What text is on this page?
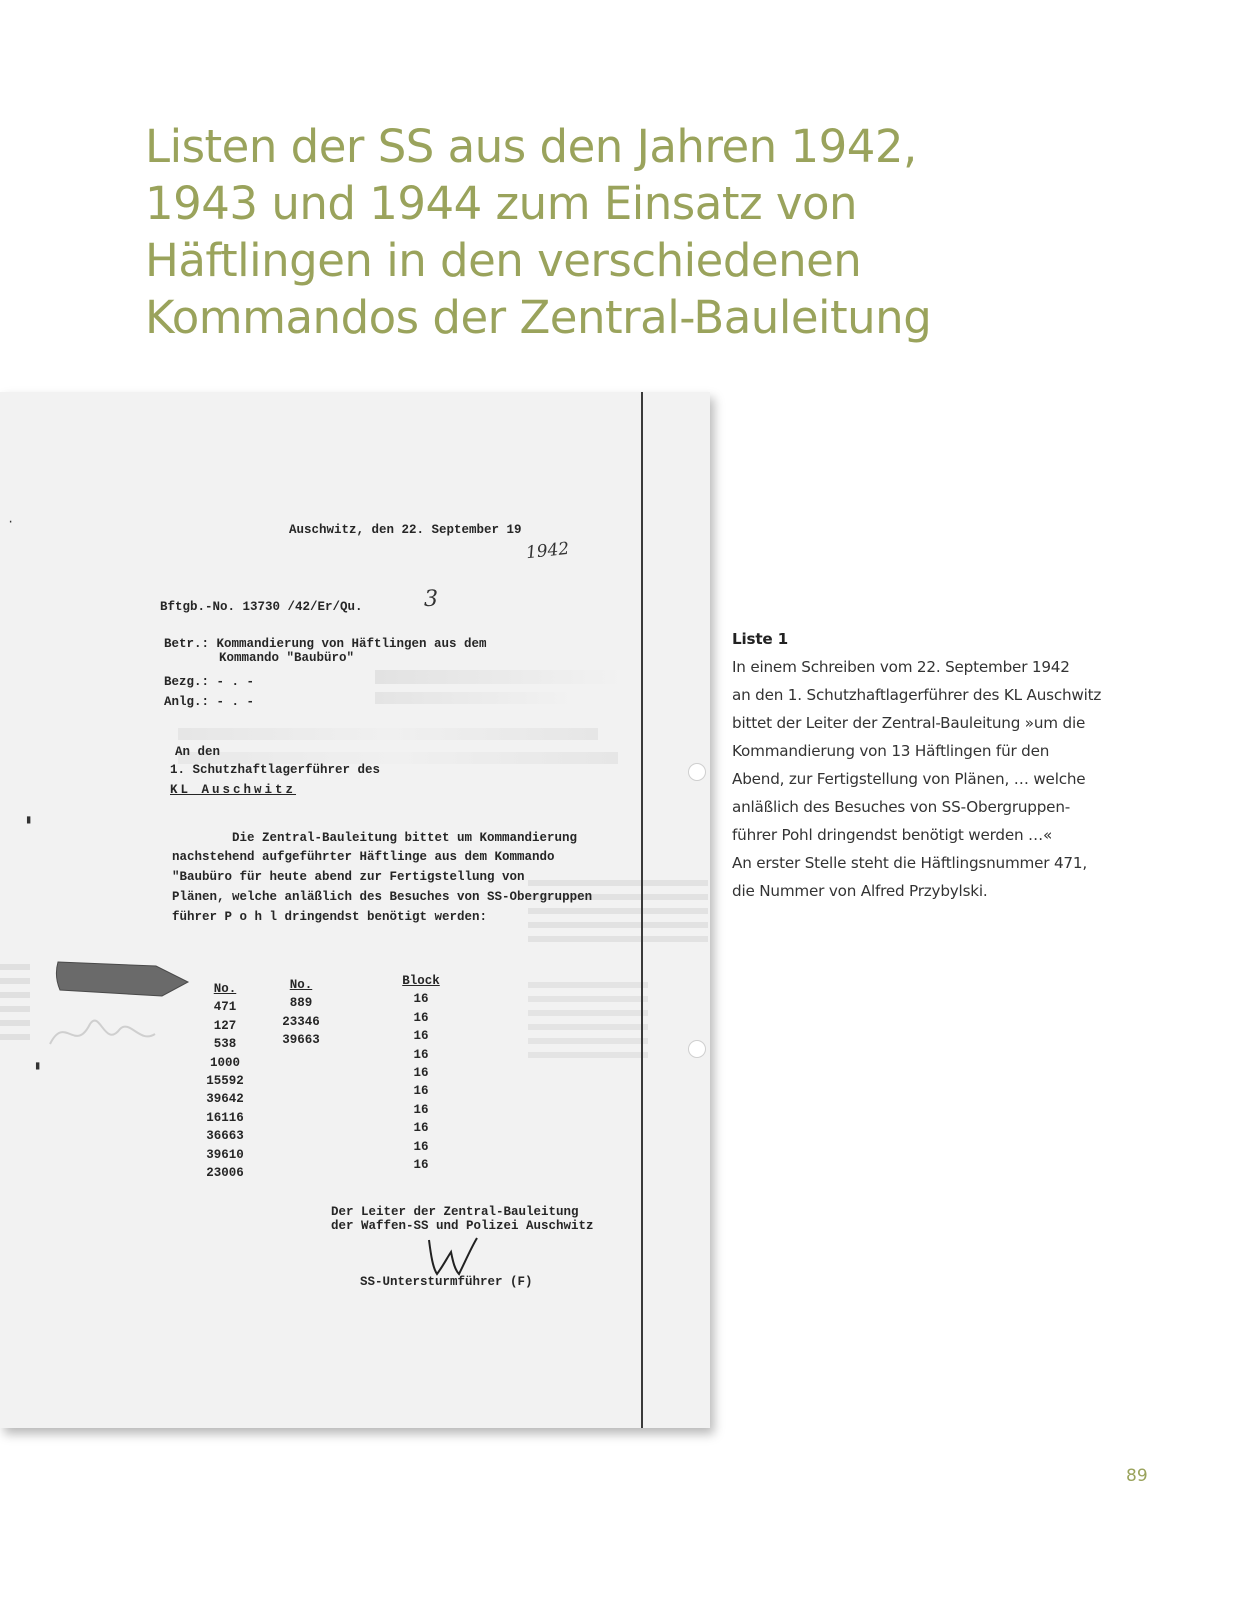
Listen der SS aus den Jahren 1942,
1943 und 1944 zum Einsatz von
Häftlingen in den verschiedenen
Kommandos der Zentral-Bauleitung
▮
▮
·
Auschwitz, den 22. September 19
1942
Bftgb.-No. 13730 /42/Er/Qu.	3
Betr.: Kommandierung von Häftlingen aus dem
Kommando "Baubüro"
Bezg.: - . -
Anlg.: - . -
An den
1. Schutzhaftlagerführer des
KL Auschwitz
Die Zentral-Bauleitung bittet um Kommandierung
nachstehend aufgeführter Häftlinge aus dem Kommando
"Baubüro für heute abend zur Fertigstellung von
Plänen, welche anläßlich des Besuches von SS-Obergruppen
führer P o h l dringendst benötigt werden:
No.
471
127
538
1000
15592
39642
16116
36663
39610
23006
No.
889
23346
39663
Block
16
16
16
16
16
16
16
16
16
16
Der Leiter der Zentral-Bauleitung
der Waffen-SS und Polizei Auschwitz
SS-Untersturmführer (F)
Liste 1
In einem Schreiben vom 22. September 1942
an den 1. Schutzhaftlagerführer des KL Auschwitz
bittet der Leiter der Zentral-Bauleitung »um die
Kommandierung von 13 Häftlingen für den
Abend, zur Fertigstellung von Plänen, … welche
anläßlich des Besuches von SS-Obergruppen-
führer Pohl dringendst benötigt werden …«
An erster Stelle steht die Häftlingsnummer 471,
die Nummer von Alfred Przybylski.
89
